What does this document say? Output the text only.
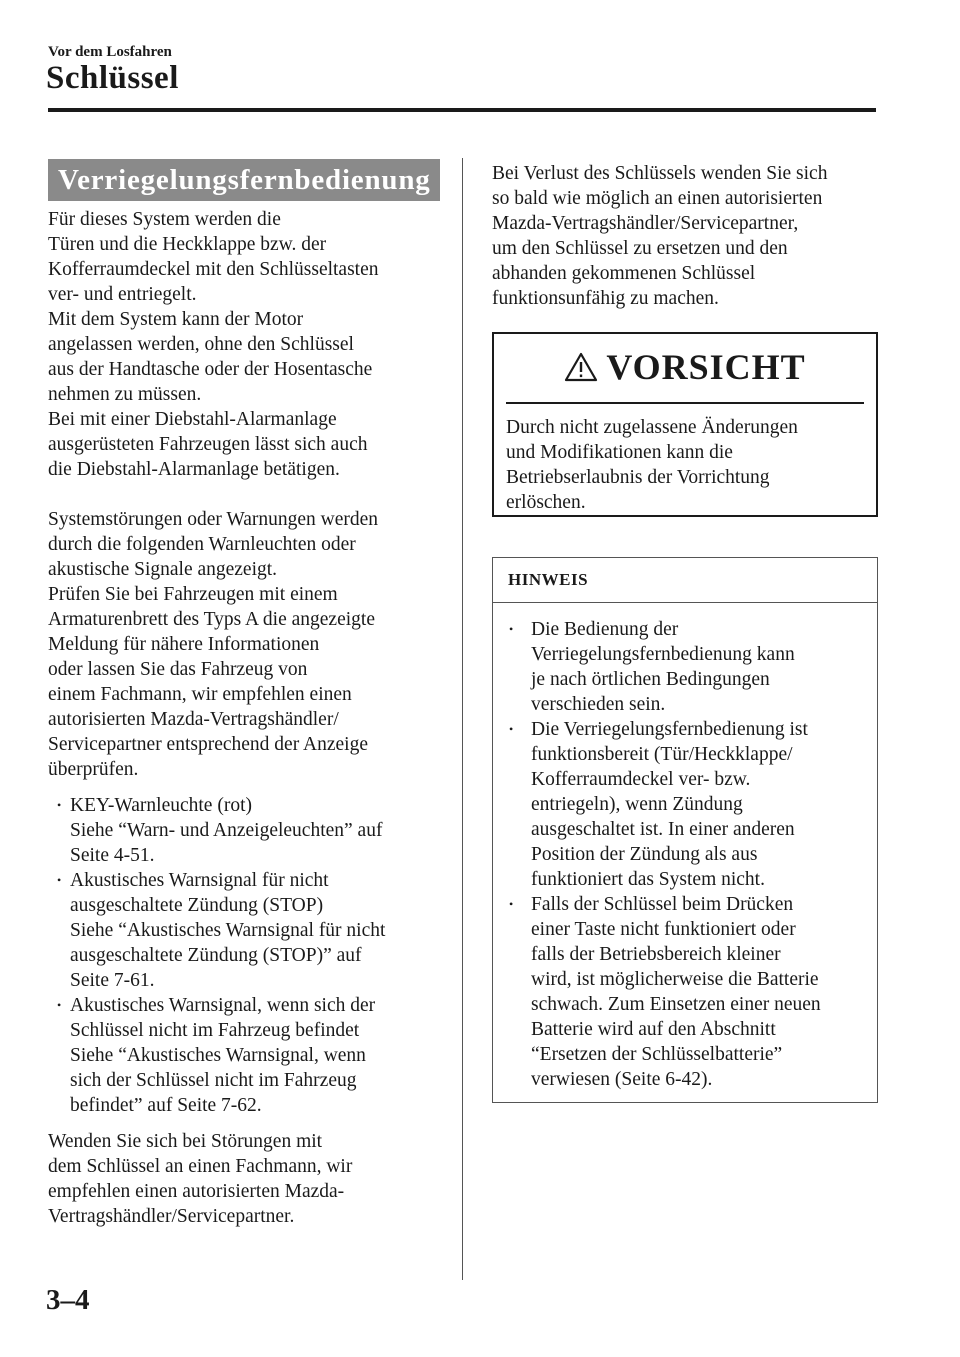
Vor dem Losfahren
Schlüssel
Verriegelungsfernbedienung

Für dieses System werden die
Türen und die Heckklappe bzw. der
Kofferraumdeckel mit den Schlüsseltasten
ver- und entriegelt.
Mit dem System kann der Motor
angelassen werden, ohne den Schlüssel
aus der Handtasche oder der Hosentasche
nehmen zu müssen.
Bei mit einer Diebstahl-Alarmanlage
ausgerüsteten Fahrzeugen lässt sich auch
die Diebstahl-Alarmanlage betätigen.

Systemstörungen oder Warnungen werden
durch die folgenden Warnleuchten oder
akustische Signale angezeigt.
Prüfen Sie bei Fahrzeugen mit einem
Armaturenbrett des Typs A die angezeigte
Meldung für nähere Informationen
oder lassen Sie das Fahrzeug von
einem Fachmann, wir empfehlen einen
autorisierten Mazda-Vertragshändler/
Servicepartner entsprechend der Anzeige
überprüfen.

• KEY-Warnleuchte (rot)
Siehe “Warn- und Anzeigeleuchten” auf
Seite 4-51.
• Akustisches Warnsignal für nicht
ausgeschaltete Zündung (STOP)
Siehe “Akustisches Warnsignal für nicht
ausgeschaltete Zündung (STOP)” auf
Seite 7-61.
• Akustisches Warnsignal, wenn sich der
Schlüssel nicht im Fahrzeug befindet
Siehe “Akustisches Warnsignal, wenn
sich der Schlüssel nicht im Fahrzeug
befindet” auf Seite 7-62.

Wenden Sie sich bei Störungen mit
dem Schlüssel an einen Fachmann, wir
empfehlen einen autorisierten Mazda-
Vertragshändler/Servicepartner.

Bei Verlust des Schlüssels wenden Sie sich
so bald wie möglich an einen autorisierten
Mazda-Vertragshändler/Servicepartner,
um den Schlüssel zu ersetzen und den
abhanden gekommenen Schlüssel
funktionsunfähig zu machen.

VORSICHT

Durch nicht zugelassene Änderungen
und Modifikationen kann die
Betriebserlaubnis der Vorrichtung
erlöschen.

HINWEIS
• Die Bedienung der
Verriegelungsfernbedienung kann
je nach örtlichen Bedingungen
verschieden sein.
• Die Verriegelungsfernbedienung ist
funktionsbereit (Tür/Heckklappe/
Kofferraumdeckel ver- bzw.
entriegeln), wenn Zündung
ausgeschaltet ist. In einer anderen
Position der Zündung als aus
funktioniert das System nicht.
• Falls der Schlüssel beim Drücken
einer Taste nicht funktioniert oder
falls der Betriebsbereich kleiner
wird, ist möglicherweise die Batterie
schwach. Zum Einsetzen einer neuen
Batterie wird auf den Abschnitt
“Ersetzen der Schlüsselbatterie”
verwiesen (Seite 6-42).
3–4
